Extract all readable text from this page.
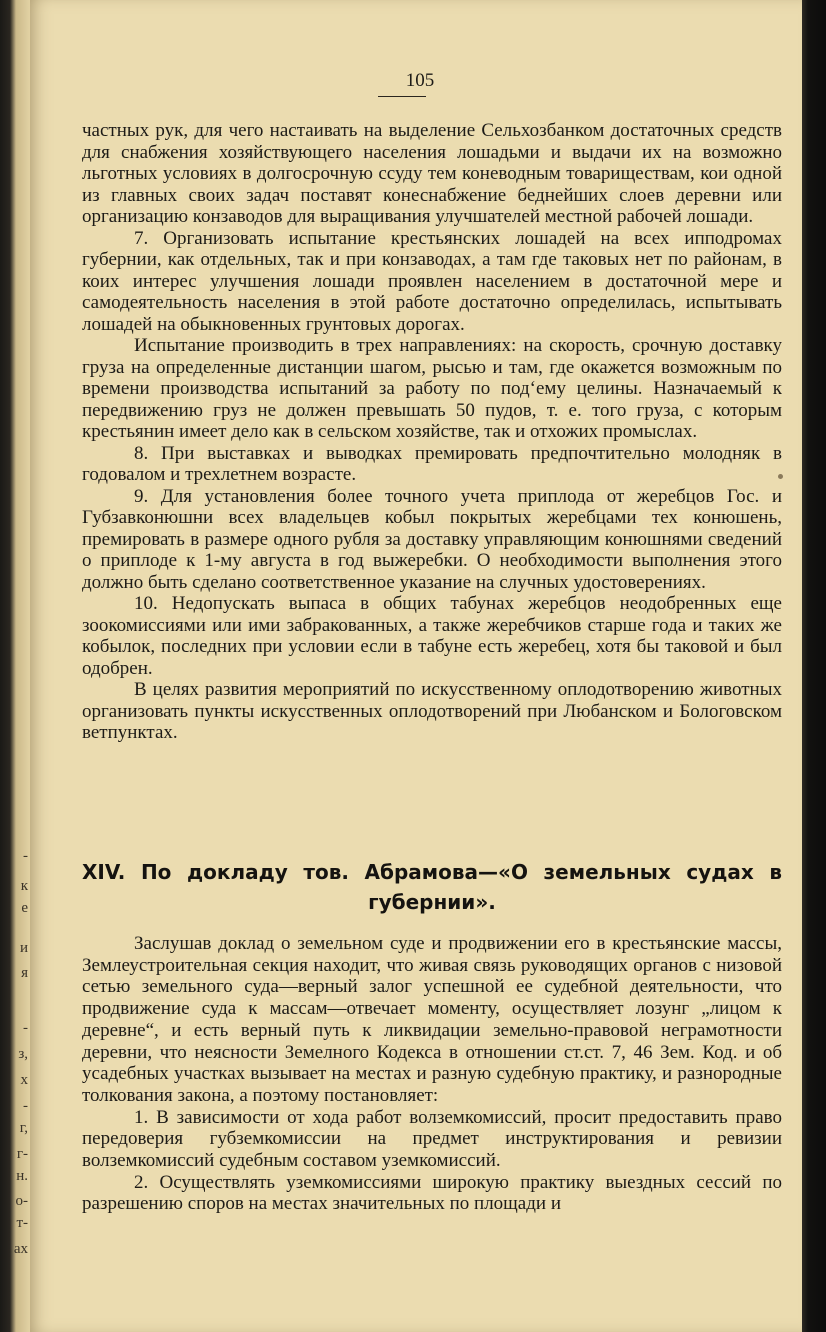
-
к
е
и
я
-
з,
х
-
г,
г-
н.
о-
т-
ах
105

частных рук, для чего настаивать на выделение Сельхозбанком достаточных средств для снабжения хозяйствующего населения лошадьми и выдачи их на возможно льготных условиях в долгосрочную ссуду тем коневодным товариществам, кои одной из главных своих задач поставят конеснабжение беднейших слоев деревни или организацию конзаводов для выращивания улучшателей местной рабочей лошади.

7. Организовать испытание крестьянских лошадей на всех ипподромах губернии, как отдельных, так и при конзаводах, а там где таковых нет по районам, в коих интерес улучшения лошади проявлен населением в достаточной мере и самодеятельность населения в этой работе достаточно определилась, испытывать лошадей на обыкновенных грунтовых дорогах.

Испытание производить в трех направлениях: на скорость, срочную доставку груза на определенные дистанции шагом, рысью и там, где окажется возможным по времени производства испытаний за работу по под‘ему целины. Назначаемый к передвижению груз не должен превышать 50 пудов, т. е. того груза, с которым крестьянин имеет дело как в сельском хозяйстве, так и отхожих промыслах.

8. При выставках и выводках премировать предпочтительно молодняк в годовалом и трехлетнем возрасте.

9. Для установления более точного учета приплода от жеребцов Гос. и Губзавконюшни всех владельцев кобыл покрытых жеребцами тех конюшень, премировать в размере одного рубля за доставку управляющим конюшнями сведений о приплоде к 1-му августа в год выжеребки. О необходимости выполнения этого должно быть сделано соответственное указание на случных удостоверениях.

10. Недопускать выпаса в общих табунах жеребцов неодобренных еще зоокомиссиями или ими забракованных, а также жеребчиков старше года и таких же кобылок, последних при условии если в табуне есть жеребец, хотя бы таковой и был одобрен.

В целях развития мероприятий по искусственному оплодотворению животных организовать пункты искусственных оплодотворений при Любанском и Бологовском ветпунктах.

XIV. По докладу тов. Абрамова—«О земельных судах в
губернии».

Заслушав доклад о земельном суде и продвижении его в крестьянские массы, Землеустроительная секция находит, что живая связь руководящих органов с низовой сетью земельного суда—верный залог успешной ее судебной деятельности, что продвижение суда к массам—отвечает моменту, осуществляет лозунг „лицом к деревне“, и есть верный путь к ликвидации земельно-правовой неграмотности деревни, что неясности Земелного Кодекса в отношении ст.ст. 7, 46 Зем. Код. и об усадебных участках вызывает на местах и разную судебную практику, и разнородные толкования закона, а поэтому постановляет:

1. В зависимости от хода работ волземкомиссий, просит предоставить право передоверия губземкомиссии на предмет инструктирования и ревизии волземкомиссий судебным составом уземкомиссий.

2. Осуществлять уземкомиссиями широкую практику выездных сессий по разрешению споров на местах значительных по площади и
